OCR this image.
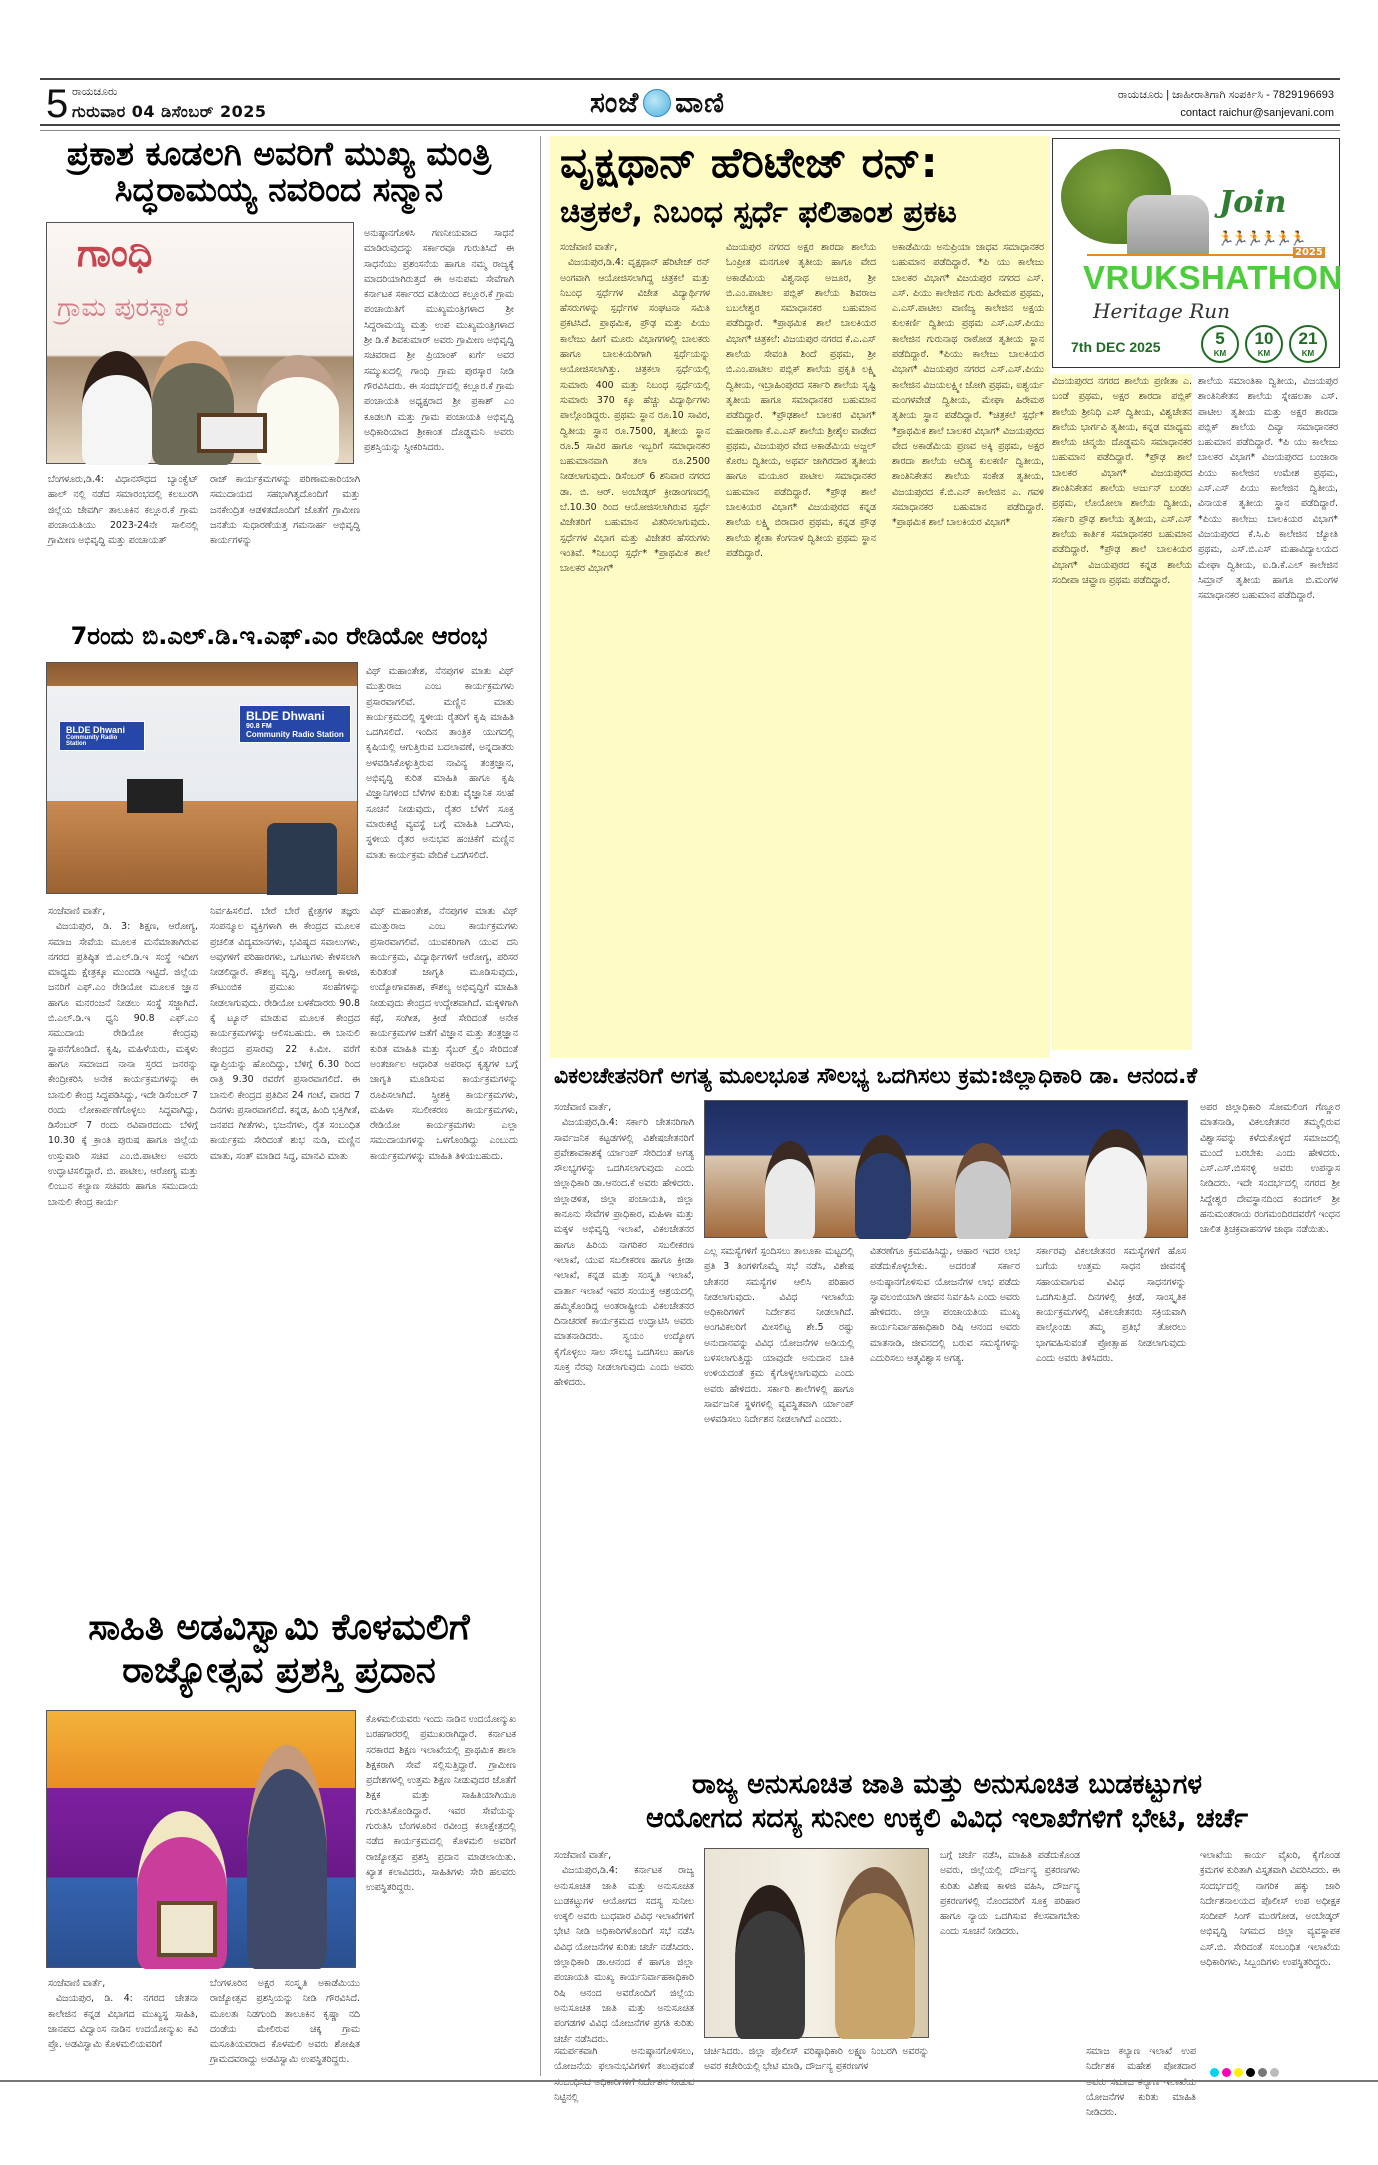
5 ರಾಯಚೂರು
ಗುರುವಾರ 04 ಡಿಸೆಂಬರ್ 2025	ಸಂಜೆ ವಾಣಿ	ರಾಯಚೂರು | ಜಾಹೀರಾತಿಗಾಗಿ ಸಂಪರ್ಕಿಸಿ - 7829196693
contact raichur@sanjevani.com
ಪ್ರಕಾಶ ಕೂಡಲಗಿ ಅವರಿಗೆ ಮುಖ್ಯ ಮಂತ್ರಿ
ಸಿದ್ಧರಾಮಯ್ಯ ನವರಿಂದ ಸನ್ಮಾನ
ಗಾಂಧಿ
ಗ್ರಾಮ ಪುರಸ್ಕಾರ
ಅನುಷ್ಠಾನಗೊಳಿಸಿ ಗಣನೀಯವಾದ ಸಾಧನೆ ಮಾಡಿರುವುದನ್ನು ಸರ್ಕಾರವೂ ಗುರುತಿಸಿದೆ ಈ ಸಾಧನೆಯು ಪ್ರಶಂಸನೆಯ ಹಾಗೂ ನಮ್ಮ ರಾಜ್ಯಕ್ಕೆ ಮಾದರಿಯಾಗಿರುತ್ತದೆ ಈ ಅನುಪಮ ಸೇವೆಗಾಗಿ ಕರ್ನಾಟಕ ಸರ್ಕಾರದ ವತಿಯಿಂದ ಕಲ್ಲೂರ.ಕೆ ಗ್ರಾಮ ಪಂಚಾಯಿತಿಗೆ ಮುಖ್ಯಮಂತ್ರಿಗಳಾದ ಶ್ರೀ ಸಿದ್ದರಾಮಯ್ಯ ಮತ್ತು ಉಪ ಮುಖ್ಯಮಂತ್ರಿಗಳಾದ ಶ್ರೀ ಡಿ.ಕೆ ಶಿವಕುಮಾರ್ ಅವರು ಗ್ರಾಮೀಣ ಅಭಿವೃದ್ಧಿ ಸಚಿವರಾದ ಶ್ರೀ ಪ್ರಿಯಾಂಕ್ ಖರ್ಗೆ ಅವರ ಸಮ್ಮುಖದಲ್ಲಿ ಗಾಂಧಿ ಗ್ರಾಮ ಪುರಸ್ಕಾರ ನೀಡಿ ಗೌರವಿಸಿದರು. ಈ ಸಂದರ್ಭದಲ್ಲಿ ಕಲ್ಲೂರ.ಕೆ ಗ್ರಾಮ ಪಂಚಾಯತಿ ಅಧ್ಯಕ್ಷರಾದ ಶ್ರೀ ಪ್ರಕಾಶ್ ಎಂ ಕೂಡಲಗಿ ಮತ್ತು ಗ್ರಾಮ ಪಂಚಾಯತಿ ಅಭಿವೃದ್ಧಿ ಅಧಿಕಾರಿಯಾದ ಶ್ರೀಕಾಂತ ದೊಡ್ಡಮನಿ ಅವರು ಪ್ರಶಸ್ತಿಯನ್ನು ಸ್ವೀಕರಿಸಿದರು.
ಬೆಂಗಳೂರು,ಡಿ.4: ವಿಧಾನಸೌಧದ ಬ್ಯಾಂಕ್ವೆಟ್ ಹಾಲ್ ನಲ್ಲಿ ನಡೆದ ಸಮಾರಂಭದಲ್ಲಿ ಕಲಬುರಗಿ ಜಿಲ್ಲೆಯ ಜೇವರ್ಗಿ ತಾಲೂಕಿನ ಕಲ್ಲೂರ.ಕೆ ಗ್ರಾಮ ಪಂಚಾಯತಿಯು 2023-24ನೇ ಸಾಲಿನಲ್ಲಿ ಗ್ರಾಮೀಣ ಅಭಿವೃದ್ಧಿ ಮತ್ತು ಪಂಚಾಯತ್
ರಾಜ್ ಕಾರ್ಯಕ್ರಮಗಳನ್ನು ಪರಿಣಾಮಕಾರಿಯಾಗಿ ಸಮುದಾಯದ ಸಹಭಾಗಿತ್ವದೊಂದಿಗೆ ಮತ್ತು ಜನಕೇಂದ್ರಿತ ಆಡಳಿತದೊಂದಿಗೆ ಜೊತೆಗೆ ಗ್ರಾಮೀಣ ಜನತೆಯ ಸುಧಾರಣೆಯತ್ತ ಗಮನಾರ್ಹ ಅಭಿವೃದ್ಧಿ ಕಾರ್ಯಗಳನ್ನು
ವೃಕ್ಷಥಾನ್ ಹೆರಿಟೇಜ್ ರನ್:
ಚಿತ್ರಕಲೆ, ನಿಬಂಧ ಸ್ಪರ್ಧೆ ಫಲಿತಾಂಶ ಪ್ರಕಟ
ಸಂಜೆವಾಣಿ ವಾರ್ತೆ,

ವಿಜಯಪುರ,ಡಿ.4: ವೃಕ್ಷಥಾನ್ ಹೆರಿಟೇಜ್ ರನ್ ಅಂಗವಾಗಿ ಆಯೋಜಿಸಲಾಗಿದ್ದ ಚಿತ್ರಕಲೆ ಮತ್ತು ನಿಬಂಧ ಸ್ಪರ್ಧೆಗಳ ವಿಜೇತ ವಿದ್ಯಾರ್ಥಿಗಳ ಹೆಸರುಗಳನ್ನು ಸ್ಪರ್ಧೆಗಳ ಸಂಘಟನಾ ಸಮಿತಿ ಪ್ರಕಟಿಸಿದೆ. ಪ್ರಾಥಮಿಕ, ಪ್ರೌಢ ಮತ್ತು ಪಿಯು ಕಾಲೇಜು ಹೀಗೆ ಮೂರು ವಿಭಾಗಗಳಲ್ಲಿ ಬಾಲಕರು ಹಾಗೂ ಬಾಲಕಿಯರಿಗಾಗಿ ಸ್ಪರ್ಧೆಯನ್ನು ಆಯೋಜಿಸಲಾಗಿತ್ತು. ಚಿತ್ರಕಲಾ ಸ್ಪರ್ಧೆಯಲ್ಲಿ ಸುಮಾರು 400 ಮತ್ತು ನಿಬಂಧ ಸ್ಪರ್ಧೆಯಲ್ಲಿ ಸುಮಾರು 370 ಕ್ಕೂ ಹೆಚ್ಚು ವಿದ್ಯಾರ್ಥಿಗಳು ಪಾಲ್ಗೊಂಡಿದ್ದರು. ಪ್ರಥಮ ಸ್ಥಾನ ರೂ.10 ಸಾವಿರ, ದ್ವಿತೀಯ ಸ್ಥಾನ ರೂ.7500, ತೃತೀಯ ಸ್ಥಾನ ರೂ.5 ಸಾವಿರ ಹಾಗೂ ಇಬ್ಬರಿಗೆ ಸಮಾಧಾನಕರ ಬಹುಮಾನವಾಗಿ ತಲಾ ರೂ.2500 ನೀಡಲಾಗುವುದು. ಡಿಸೆಂಬರ್ 6 ಶನಿವಾರ ನಗರದ ಡಾ. ಬಿ. ಆರ್. ಅಂಬೇಡ್ಕರ್ ಕ್ರೀಡಾಂಗಣದಲ್ಲಿ ಬೆ.10.30 ರಿಂದ ಆಯೋಜಿಸಲಾಗಿರುವ ಸ್ಪರ್ಧೆ ವಿಜೇತರಿಗೆ ಬಹುಮಾನ ವಿತರಿಸಲಾಗುವುದು. ಸ್ಪರ್ಧೆಗಳ ವಿಭಾಗ ಮತ್ತು ವಿಜೇತರ ಹೆಸರುಗಳು ಇಂತಿವೆ. *ನಿಬಂಧ ಸ್ಪರ್ಧೆ* *ಪ್ರಾಥಮಿಕ ಶಾಲೆ ಬಾಲಕರ ವಿಭಾಗ*

ವಿಜಯಪುರ ನಗರದ ಅಕ್ಷರ ಶಾರದಾ ಶಾಲೆಯ ಓಂಪ್ರೀತ ಮನಗೂಳಿ ತೃತೀಯ ಹಾಗೂ ವೇದ ಅಕಾಡೆಮಿಯ ವಿಶ್ವನಾಥ ಅಜೂರ, ಶ್ರೀ ಬಿ.ಎಂ.ಪಾಟೀಲ ಪಬ್ಲಿಕ್ ಶಾಲೆಯ ಶಿವರಾಜ ಬಬಲೇಶ್ವರ ಸಮಾಧಾನಕರ ಬಹುಮಾನ ಪಡೆದಿದ್ದಾರೆ. *ಪ್ರಾಥಮಿಕ ಶಾಲೆ ಬಾಲಕಿಯರ ವಿಭಾಗ* ಚಿತ್ರಕಲೆ: ವಿಜಯಪುರ ನಗರದ ಕೆ.ಎ.ಎಸ್ ಶಾಲೆಯ ಸೇವಂತಿ ಶಿಂದೆ ಪ್ರಥಮ, ಶ್ರೀ ಬಿ.ಎಂ.ಪಾಟೀಲ ಪಬ್ಲಿಕ್ ಶಾಲೆಯ ಪ್ರಕೃತಿ ಲಕ್ಷ್ಮಿ ದ್ವಿತೀಯ, ಇಬ್ರಾಹಿಂಪುರದ ಸರ್ಕಾರಿ ಶಾಲೆಯ ಸೃಷ್ಟಿ ತೃತೀಯ ಹಾಗೂ ಸಮಾಧಾನಕರ ಬಹುಮಾನ ಪಡೆದಿದ್ದಾರೆ. *ಪ್ರೌಢಶಾಲೆ ಬಾಲಕರ ವಿಭಾಗ* ಮಹಾರಾಣಾ ಕೆ.ಎ.ಎಸ್ ಶಾಲೆಯ ಶ್ರೀಶೈಲ ವಾಡೇದ ಪ್ರಥಮ, ವಿಜಯಪುರ ವೇದ ಅಕಾಡೆಮಿಯ ಅಜ್ಜಲ್ ಕೊರಬ ದ್ವಿತೀಯ, ಅಥರ್ವ ಜಾಗಿರದಾರ ತೃತೀಯ ಹಾಗೂ ಮಯೂರ ಪಾಟೀಲ ಸಮಾಧಾನಕರ ಬಹುಮಾನ ಪಡೆದಿದ್ದಾರೆ. *ಪ್ರೌಢ ಶಾಲೆ ಬಾಲಕಿಯರ ವಿಭಾಗ* ವಿಜಯಪುರದ ಕನ್ನಡ ಶಾಲೆಯ ಲಕ್ಷ್ಮಿ ಬಿರಾದಾರ ಪ್ರಥಮ, ಕನ್ನಡ ಪ್ರೌಢ ಶಾಲೆಯ ಶ್ವೇತಾ ಕೆಂಗನಾಳ ದ್ವಿತೀಯ ಪ್ರಥಮ ಸ್ಥಾನ ಪಡೆದಿದ್ದಾರೆ.
ಅಕಾಡೆಮಿಯ ಅನುಪ್ರಿಯಾ ಜಾಧವ ಸಮಾಧಾನಕರ ಬಹುಮಾನ ಪಡೆದಿದ್ದಾರೆ. *ಪಿ ಯು ಕಾಲೇಜು ಬಾಲಕರ ವಿಭಾಗ* ವಿಜಯಪುರ ನಗರದ ಎಸ್. ಎಸ್. ಪಿಯು ಕಾಲೇಜಿನ ಗುರು ಹಿರೇಮಠ ಪ್ರಥಮ, ಎ.ಎಸ್.ಪಾಟೀಲ ವಾಣಿಜ್ಯ ಕಾಲೇಜಿನ ಅಕ್ಷಯ ಕುಲಕರ್ಣಿ ದ್ವಿತೀಯ ಪ್ರಥಮ ಎಸ್.ಎಸ್.ಪಿಯು ಕಾಲೇಜಿನ ಗುರುನಾಥ ರಾಠೋಡ ತೃತೀಯ ಸ್ಥಾನ ಪಡೆದಿದ್ದಾರೆ. *ಪಿಯು ಕಾಲೇಜು ಬಾಲಕಿಯರ ವಿಭಾಗ* ವಿಜಯಪುರ ನಗರದ ಎಸ್.ಎಸ್.ಪಿಯು ಕಾಲೇಜಿನ ವಿಜಯಲಕ್ಷ್ಮೀ ಜೋಗಿ ಪ್ರಥಮ, ಐಶ್ವರ್ಯ ಮಂಗಳವೇಡೆ ದ್ವಿತೀಯ, ಮೇಘಾ ಹಿರೇಮಠ ತೃತೀಯ ಸ್ಥಾನ ಪಡೆದಿದ್ದಾರೆ. *ಚಿತ್ರಕಲೆ ಸ್ಪರ್ಧೆ* *ಪ್ರಾಥಮಿಕ ಶಾಲೆ ಬಾಲಕರ ವಿಭಾಗ* ವಿಜಯಪುರದ ವೇದ ಅಕಾಡೆಮಿಯ ಪ್ರಣವ ಅಕ್ಕಿ ಪ್ರಥಮ, ಅಕ್ಷರ ಶಾರದಾ ಶಾಲೆಯ ಆದಿತ್ಯ ಕುಲಕರ್ಣಿ ದ್ವಿತೀಯ, ಶಾಂತಿನಿಕೇತನ ಶಾಲೆಯ ಸಂಕೇತ ತೃತೀಯ, ವಿಜಯಪುರದ ಕೆ.ಬಿ.ಎನ್ ಕಾಲೇಜಿನ ಎ. ಗವಳಿ ಸಮಾಧಾನಕರ ಬಹುಮಾನ ಪಡೆದಿದ್ದಾರೆ. *ಪ್ರಾಥಮಿಕ ಶಾಲೆ ಬಾಲಕಿಯರ ವಿಭಾಗ*
ವಿಜಯಪುರದ ನಗರದ ಶಾಲೆಯ ಪ್ರಣೀತಾ ಎ. ಬಂಡೆ ಪ್ರಥಮ, ಅಕ್ಷರ ಶಾರದಾ ಪಬ್ಲಿಕ್ ಶಾಲೆಯ ಶ್ರೀನಿಧಿ ಎಸ್ ದ್ವಿತೀಯ, ವಿಶ್ವಚೇತನ ಶಾಲೆಯ ಭಾರ್ಗವಿ ತೃತೀಯ, ಕನ್ನಡ ಮಾಧ್ಯಮ ಶಾಲೆಯ ಚಿನ್ಮಯಿ ದೊಡ್ಡಮನಿ ಸಮಾಧಾನಕರ ಬಹುಮಾನ ಪಡೆದಿದ್ದಾರೆ. *ಪ್ರೌಢ ಶಾಲೆ ಬಾಲಕರ ವಿಭಾಗ* ವಿಜಯಪುರದ ಶಾಂತಿನಿಕೇತನ ಶಾಲೆಯ ಅರ್ಜುನ್ ಬಂಡಲ ಪ್ರಥಮ, ಲೊಯೋಲಾ ಶಾಲೆಯ ದ್ವಿತೀಯ, ಸರ್ಕಾರಿ ಪ್ರೌಢ ಶಾಲೆಯ ತೃತೀಯ, ಎಸ್.ಎಸ್ ಶಾಲೆಯ ಕಾರ್ತಿಕ ಸಮಾಧಾನಕರ ಬಹುಮಾನ ಪಡೆದಿದ್ದಾರೆ. *ಪ್ರೌಢ ಶಾಲೆ ಬಾಲಕಿಯರ ವಿಭಾಗ* ವಿಜಯಪುರದ ಕನ್ನಡ ಶಾಲೆಯ ಸಂದೀಪಾ ಚವ್ಹಾಣ ಪ್ರಥಮ ಪಡೆದಿದ್ದಾರೆ.
ಶಾಲೆಯ ಸಮಾಂತಿಕಾ ದ್ವಿತೀಯ, ವಿಜಯಪುರ ಶಾಂತಿನಿಕೇತನ ಶಾಲೆಯ ಸ್ನೇಹಲತಾ ಎಸ್. ಪಾಟೀಲ ತೃತೀಯ ಮತ್ತು ಅಕ್ಷರ ಶಾರದಾ ಪಬ್ಲಿಕ್ ಶಾಲೆಯ ದಿವ್ಯಾ ಸಮಾಧಾನಕರ ಬಹುಮಾನ ಪಡೆದಿದ್ದಾರೆ. *ಪಿ ಯು ಕಾಲೇಜು ಬಾಲಕರ ವಿಭಾಗ* ವಿಜಯಪುರದ ಬಂಜಾರಾ ಪಿಯು ಕಾಲೇಜಿನ ಉಮೇಶ ಪ್ರಥಮ, ಎಸ್.ಎಸ್ ಪಿಯು ಕಾಲೇಜಿನ ದ್ವಿತೀಯ, ವಿನಾಯಕ ತೃತೀಯ ಸ್ಥಾನ ಪಡೆದಿದ್ದಾರೆ. *ಪಿಯು ಕಾಲೇಜು ಬಾಲಕಿಯರ ವಿಭಾಗ* ವಿಜಯಪುರದ ಕೆ.ಸಿ.ಪಿ ಕಾಲೇಜಿನ ಜ್ಯೋತಿ ಪ್ರಥಮ, ಎಸ್.ಬಿ.ಎಸ್ ಮಹಾವಿದ್ಯಾಲಯದ ಮೇಘಾ ದ್ವಿತೀಯ, ಐ.ಡಿ.ಕೆ.ಎಲ್ ಕಾಲೇಜಿನ ಸಿಮ್ರಾನ್ ತೃತೀಯ ಹಾಗೂ ಬಿ.ಮಂಗಳ ಸಮಾಧಾನಕರ ಬಹುಮಾನ ಪಡೆದಿದ್ದಾರೆ.
Join
🏃🏃🏃🏃🏃🏃
2025
VRUKSHATHON
Heritage Run
7th DEC 2025	5
KM
10
KM
21
KM
7ರಂದು ಬಿ.ಎಲ್.ಡಿ.ಇ.ಎಫ್.ಎಂ ರೇಡಿಯೋ ಆರಂಭ
BLDE Dhwani
Community Radio Station
BLDE Dhwani
90.8 FM
Community Radio Station
ವಿಥ್ ಮಹಾಂತೇಶ, ನೆನಪುಗಳ ಮಾತು ವಿಥ್ ಮುತ್ತುರಾಜ ಎಂಬ ಕಾರ್ಯಕ್ರಮಗಳು ಪ್ರಸಾರವಾಗಲಿವೆ. ಮಣ್ಣಿನ ಮಾತು ಕಾರ್ಯಕ್ರಮದಲ್ಲಿ ಸ್ಥಳೀಯ ರೈತರಿಗೆ ಕೃಷಿ ಮಾಹಿತಿ ಒದಗಿಸಲಿದೆ. ಇಂದಿನ ತಾಂತ್ರಿಕ ಯುಗದಲ್ಲಿ ಕೃಷಿಯಲ್ಲಿ ಆಗುತ್ತಿರುವ ಬದಲಾವಣೆ, ಅನ್ನದಾತರು ಅಳವಡಿಸಿಕೊಳ್ಳುತ್ತಿರುವ ನಾವಿನ್ಯ ತಂತ್ರಜ್ಞಾನ, ಅಭಿವೃದ್ಧಿ ಕುರಿತ ಮಾಹಿತಿ ಹಾಗೂ ಕೃಷಿ ವಿಜ್ಞಾನಿಗಳಿಂದ ಬೆಳೆಗಳ ಕುರಿತು ವೈಜ್ಞಾನಿಕ ಸಲಹೆ ಸೂಚನೆ ನೀಡುವುದು, ರೈತರ ಬೆಳೆಗೆ ಸೂಕ್ತ ಮಾರುಕಟ್ಟೆ ವ್ಯವಸ್ಥೆ ಬಗ್ಗೆ ಮಾಹಿತಿ ಒದಗಿಸು, ಸ್ಥಳೀಯ ರೈತರ ಅನುಭವ ಹಂಚಿಕೆಗೆ ಮಣ್ಣಿನ ಮಾತು ಕಾರ್ಯಕ್ರಮ ವೇದಿಕೆ ಒದಗಿಸಲಿದೆ.
ಸಂಜೆವಾಣಿ ವಾರ್ತೆ,

ವಿಜಯಪುರ, ಡಿ. 3: ಶಿಕ್ಷಣ, ಆರೋಗ್ಯ, ಸಮಾಜ ಸೇವೆಯ ಮೂಲಕ ಮನೆಮಾತಾಗಿರುವ ನಗರದ ಪ್ರತಿಷ್ಠಿತ ಬಿ.ಎಲ್.ಡಿ.ಇ ಸಂಸ್ಥೆ ಇದೀಗ ಮಾಧ್ಯಮ ಕ್ಷೇತ್ರಕ್ಕೂ ಮುಂದಡಿ ಇಟ್ಟಿದೆ. ಜಿಲ್ಲೆಯ ಜನರಿಗೆ ಎಫ್.ಎಂ ರೇಡಿಯೋ ಮೂಲಕ ಜ್ಞಾನ ಹಾಗೂ ಮನರಂಜನೆ ನೀಡಲು ಸಂಸ್ಥೆ ಸಜ್ಜಾಗಿದೆ. ಬಿ.ಎಲ್.ಡಿ.ಇ ಧ್ವನಿ 90.8 ಎಫ್.ಎಂ ಸಮುದಾಯ ರೇಡಿಯೋ ಕೇಂದ್ರವು ಸ್ಥಾಪನೆಗೊಂಡಿದೆ. ಕೃಷಿ, ಮಹಿಳೆಯರು, ಮಕ್ಕಳು ಹಾಗೂ ಸಮಾಜದ ನಾನಾ ಸ್ತರದ ಜನರನ್ನು ಕೇಂದ್ರೀಕರಿಸಿ ಅನೇಕ ಕಾರ್ಯಕ್ರಮಗಳನ್ನು ಈ ಬಾನುಲಿ ಕೇಂದ್ರ ಸಿದ್ಧಪಡಿಸಿದ್ದು, ಇದೇ ಡಿಸೆಂಬರ್ 7 ರಂದು ಲೋಕಾರ್ಪಣೆಗೊಳ್ಳಲು ಸಿದ್ಧವಾಗಿದ್ದು, ಡಿಸೆಂಬರ್ 7 ರಂದು ರವಿವಾರದಂದು ಬೆಳಿಗ್ಗೆ 10.30 ಕ್ಕೆ ಕ್ರಾಂತಿ ಪುರುಷ ಹಾಗೂ ಜಿಲ್ಲೆಯ ಉಸ್ತುವಾರಿ ಸಚಿವ ಎಂ.ಬಿ.ಪಾಟೀಲ ಅವರು ಉದ್ಘಾಟಿಸಲಿದ್ದಾರೆ. ಬಿ. ಪಾಟೀಲ, ಆರೋಗ್ಯ ಮತ್ತು ಲಿಂಬುನ ಕಲ್ಯಾಣ ಸಚಿವರು ಹಾಗೂ ಸಮುದಾಯ ಬಾನುಲಿ ಕೇಂದ್ರ ಕಾರ್ಯ

ನಿರ್ವಹಿಸಲಿದೆ. ಬೇರೆ ಬೇರೆ ಕ್ಷೇತ್ರಗಳ ತಜ್ಞರು ಸಂಪನ್ಮೂಲ ವ್ಯಕ್ತಿಗಳಾಗಿ ಈ ಕೇಂದ್ರದ ಮೂಲಕ ಪ್ರಚಲಿತ ವಿದ್ಯಮಾನಗಳು, ಭವಿಷ್ಯದ ಸವಾಲುಗಳು, ಅವುಗಳಿಗೆ ಪರಿಹಾರಗಳು, ಒಗಟುಗಳು ಕೇಳಸಲಾಗಿ ನೀಡಲಿದ್ದಾರೆ. ಕೌಶಲ್ಯ ವೃದ್ಧಿ, ಆರೋಗ್ಯ ಕಾಳಜಿ, ಕೌಟುಂಬಿಕ ಪ್ರಮುಖ ಸಲಹೆಗಳನ್ನು ನೀಡಲಾಗುವುದು. ರೇಡಿಯೋ ಬಳಕೆದಾರರು 90.8 ಕ್ಕೆ ಟ್ಯೂನ್ ಮಾಡುವ ಮೂಲಕ ಕೇಂದ್ರದ ಕಾರ್ಯಕ್ರಮಗಳನ್ನು ಆಲಿಸಬಹುದು. ಈ ಬಾನುಲಿ ಕೇಂದ್ರದ ಪ್ರಸಾರವು 22 ಕಿ.ಮೀ. ವರೆಗೆ ವ್ಯಾಪ್ತಿಯನ್ನು ಹೊಂದಿದ್ದು, ಬೆಳಿಗ್ಗೆ 6.30 ರಿಂದ ರಾತ್ರಿ 9.30 ರವರೆಗೆ ಪ್ರಸಾರವಾಗಲಿದೆ. ಈ ಬಾನುಲಿ ಕೇಂದ್ರದ ಪ್ರತಿದಿನ 24 ಗಂಟೆ, ವಾರದ 7 ದಿನಗಳು ಪ್ರಸಾರವಾಗಲಿದೆ. ಕನ್ನಡ, ಹಿಂದಿ ಭಕ್ತಿಗೀತೆ, ಜನಪದ ಗೀತೆಗಳು, ಭಜನೆಗಳು, ರೈತ ಸಂಬಂಧಿತ ಕಾರ್ಯಕ್ರಮ ಸೇರಿದಂತೆ ಶುಭ ನುಡಿ, ಮಣ್ಣಿನ ಮಾತು, ಸಂತ್ ಮಾಡಿದ ಸಿದ್ಧ, ಮಾನವಿ ಮಾತು
ವಿಥ್ ಮಹಾಂತೇಶ, ನೆನಪುಗಳ ಮಾತು ವಿಥ್ ಮುತ್ತುರಾಜ ಎಂಬ ಕಾರ್ಯಕ್ರಮಗಳು ಪ್ರಸಾರವಾಗಲಿವೆ. ಯುವಕರಿಗಾಗಿ ಯುವ ದನಿ ಕಾರ್ಯಕ್ರಮ, ವಿದ್ಯಾರ್ಥಿಗಳಿಗೆ ಆರೋಗ್ಯ, ಪರಿಸರ ಕುರಿತಂತೆ ಜಾಗೃತಿ ಮೂಡಿಸುವುದು, ಉದ್ಯೋಗಾವಕಾಶ, ಕೌಶಲ್ಯ ಅಭಿವೃದ್ಧಿಗೆ ಮಾಹಿತಿ ನೀಡುವುದು ಕೇಂದ್ರದ ಉದ್ದೇಶವಾಗಿದೆ. ಮಕ್ಕಳಿಗಾಗಿ ಕಥೆ, ಸಂಗೀತ, ಕ್ರೀಡೆ ಸೇರಿದಂತೆ ಅನೇಕ ಕಾರ್ಯಕ್ರಮಗಳ ಜತೆಗೆ ವಿಜ್ಞಾನ ಮತ್ತು ತಂತ್ರಜ್ಞಾನ ಕುರಿತ ಮಾಹಿತಿ ಮತ್ತು ಸೈಬರ್ ಕ್ರೈಂ ಸೇರಿದಂತೆ ಅಂತರ್ಜಾಲ ಆಧಾರಿತ ಅಪರಾಧ ಕೃತ್ಯಗಳ ಬಗ್ಗೆ ಜಾಗೃತಿ ಮೂಡಿಸುವ ಕಾರ್ಯಕ್ರಮಗಳನ್ನು ರೂಪಿಸಲಾಗಿದೆ. ಸ್ತ್ರೀಶಕ್ತಿ ಕಾರ್ಯಕ್ರಮಗಳು, ಮಹಿಳಾ ಸಬಲೀಕರಣ ಕಾರ್ಯಕ್ರಮಗಳು, ರೇಡಿಯೋ ಕಾರ್ಯಕ್ರಮಗಳು ಎಲ್ಲಾ ಸಮುದಾಯಗಳನ್ನು ಒಳಗೊಂಡಿದ್ದು ಎಂಬುದು ಕಾರ್ಯಕ್ರಮಗಳನ್ನು ಮಾಹಿತಿ ತಿಳಿಯಬಹುದು.
ಸಾಹಿತಿ ಅಡವಿಸ್ವಾಮಿ ಕೊಳಮಲಿಗೆ
ರಾಜ್ಯೋತ್ಸವ ಪ್ರಶಸ್ತಿ ಪ್ರದಾನ
ಕೊಳಮಲಿಯವರು ಇಂದು ನಾಡಿನ ಉದಯೋನ್ಮುಖ ಬರಹಗಾರರಲ್ಲಿ ಪ್ರಮುಖರಾಗಿದ್ದಾರೆ. ಕರ್ನಾಟಕ ಸರಕಾರದ ಶಿಕ್ಷಣ ಇಲಾಖೆಯಲ್ಲಿ ಪ್ರಾಥಮಿಕ ಶಾಲಾ ಶಿಕ್ಷಕರಾಗಿ ಸೇವೆ ಸಲ್ಲಿಸುತ್ತಿದ್ದಾರೆ. ಗ್ರಾಮೀಣ ಪ್ರದೇಶಗಳಲ್ಲಿ ಉತ್ತಮ ಶಿಕ್ಷಣ ನೀಡುವುದರ ಜೊತೆಗೆ ಶಿಕ್ಷಕ ಮತ್ತು ಸಾಹಿತಿಯಾಗಿಯೂ ಗುರುತಿಸಿಕೊಂಡಿದ್ದಾರೆ. ಇವರ ಸೇವೆಯನ್ನು ಗುರುತಿಸಿ ಬೆಂಗಳೂರಿನ ರವೀಂದ್ರ ಕಲಾಕ್ಷೇತ್ರದಲ್ಲಿ ನಡೆದ ಕಾರ್ಯಕ್ರಮದಲ್ಲಿ ಕೊಳಮಲಿ ಅವರಿಗೆ ರಾಜ್ಯೋತ್ಸವ ಪ್ರಶಸ್ತಿ ಪ್ರದಾನ ಮಾಡಲಾಯಿತು. ಖ್ಯಾತ ಕಲಾವಿದರು, ಸಾಹಿತಿಗಳು ಸೇರಿ ಹಲವರು ಉಪಸ್ಥಿತರಿದ್ದರು.
ಸಂಜೆವಾಣಿ ವಾರ್ತೆ,

ವಿಜಯಪುರ, ಡಿ. 4: ನಗರದ ಚೇತನಾ ಕಾಲೇಜಿನ ಕನ್ನಡ ವಿಭಾಗದ ಮುಖ್ಯಸ್ಥ ಸಾಹಿತಿ, ಜಾನಪದ ವಿದ್ವಾಂಸ ನಾಡಿನ ಉದಯೋನ್ಮುಖ ಕವಿ ಪ್ರೊ. ಅಡವಿಸ್ವಾಮಿ ಕೊಳಮಲಿಯವರಿಗೆ

ಬೆಂಗಳೂರಿನ ಅಕ್ಷರ ಸಂಸ್ಕೃತಿ ಅಕಾಡೆಮಿಯು ರಾಜ್ಯೋತ್ಸವ ಪ್ರಶಸ್ತಿಯನ್ನು ನೀಡಿ ಗೌರವಿಸಿದೆ. ಮೂಲತಃ ನಿಡಗುಂದಿ ತಾಲೂಕಿನ ಕೃಷ್ಣಾ ನದಿ ದಂಡೆಯ ಮೇಲಿರುವ ಚಿಕ್ಕ ಗ್ರಾಮ ಮಸೂತಿಯವರಾದ ಕೊಳಮಲಿ ಅವರು ಶೋಷಿತ ಗ್ರಾಮದವರಾದ್ದು ಅಡವಿಸ್ವಾಮಿ ಉಪಸ್ಥಿತರಿದ್ದರು.
ವಿಕಲಚೇತನರಿಗೆ ಅಗತ್ಯ ಮೂಲಭೂತ ಸೌಲಭ್ಯ ಒದಗಿಸಲು ಕ್ರಮ:ಜಿಲ್ಲಾಧಿಕಾರಿ ಡಾ. ಆನಂದ.ಕೆ
ಸಂಜೆವಾಣಿ ವಾರ್ತೆ,

ವಿಜಯಪುರ,ಡಿ.4: ಸರ್ಕಾರಿ ಚೇತನರಿಗಾಗಿ ಸಾರ್ವಜನಿಕ ಕಟ್ಟಡಗಳಲ್ಲಿ ವಿಶೇಷಚೇತನರಿಗೆ ಪ್ರವೇಶಾವಕಾಶಕ್ಕೆ ರ್ಯಾಂಪ್ ಸೇರಿದಂತೆ ಅಗತ್ಯ ಸೌಲಭ್ಯಗಳನ್ನು ಒದಗಿಸಲಾಗುವುದು ಎಂದು ಜಿಲ್ಲಾಧಿಕಾರಿ ಡಾ.ಆನಂದ.ಕೆ ಅವರು ಹೇಳಿದರು. ಜಿಲ್ಲಾಡಳಿತ, ಜಿಲ್ಲಾ ಪಂಚಾಯತಿ, ಜಿಲ್ಲಾ ಕಾನೂನು ಸೇವೆಗಳ ಪ್ರಾಧಿಕಾರ, ಮಹಿಳಾ ಮತ್ತು ಮಕ್ಕಳ ಅಭಿವೃದ್ಧಿ ಇಲಾಖೆ, ವಿಕಲಚೇತನರ ಹಾಗೂ ಹಿರಿಯ ನಾಗರಿಕರ ಸಬಲೀಕರಣ ಇಲಾಖೆ, ಯುವ ಸಬಲೀಕರಣ ಹಾಗೂ ಕ್ರೀಡಾ ಇಲಾಖೆ, ಕನ್ನಡ ಮತ್ತು ಸಂಸ್ಕೃತಿ ಇಲಾಖೆ, ವಾರ್ತಾ ಇಲಾಖೆ ಇವರ ಸಂಯುಕ್ತ ಆಶ್ರಯದಲ್ಲಿ ಹಮ್ಮಿಕೊಂಡಿದ್ದ ಅಂತರಾಷ್ಟ್ರೀಯ ವಿಕಲಚೇತನರ ದಿನಾಚರಣೆ ಕಾರ್ಯಕ್ರಮದ ಉದ್ಘಾಟಿಸಿ ಅವರು ಮಾತನಾಡಿದರು. ಸ್ವಯಂ ಉದ್ಯೋಗ ಕೈಗೊಳ್ಳಲು ಸಾಲ ಸೌಲಭ್ಯ ಒದಗಿಸಲು ಹಾಗೂ ಸೂಕ್ತ ನೆರವು ನೀಡಲಾಗುವುದು ಎಂದು ಅವರು ಹೇಳಿದರು.

ಅಪರ ಜಿಲ್ಲಾಧಿಕಾರಿ ಸೋಮಲಿಂಗ ಗೆಣ್ಣೂರ ಮಾತನಾಡಿ, ವಿಕಲಚೇತನರ ತಮ್ಮಲ್ಲಿರುವ ವಿಶ್ವಾಸವನ್ನು ಕಳೆದುಕೊಳ್ಳದೆ ಸಮಾಜದಲ್ಲಿ ಮುಂದೆ ಬರಬೇಕು ಎಂದು ಹೇಳಿದರು. ಎಸ್.ಎಸ್.ಬಿಸನಳ್ಳಿ ಅವರು ಉಪನ್ಯಾಸ ನೀಡಿದರು. ಇದೇ ಸಂದರ್ಭದಲ್ಲಿ ನಗರದ ಶ್ರೀ ಸಿದ್ದೇಶ್ವರ ದೇವಸ್ಥಾನದಿಂದ ಕಂದಗಲ್ ಶ್ರೀ ಹನುಮಂತರಾಯ ರಂಗಮಂದಿರದವರೆಗೆ ಇಂಧನ ಚಾಲಿತ ತ್ರಿಚಕ್ರವಾಹನಗಳ ಜಾಥಾ ನಡೆಯಿತು.
ಎಲ್ಲ ಸಮಸ್ಯೆಗಳಿಗೆ ಸ್ಪಂದಿಸಲು ತಾಲೂಕಾ ಮಟ್ಟದಲ್ಲಿ ಪ್ರತಿ 3 ತಿಂಗಳಿಗೊಮ್ಮೆ ಸಭೆ ನಡೆಸಿ, ವಿಶೇಷ ಚೇತನರ ಸಮಸ್ಯೆಗಳ ಆಲಿಸಿ ಪರಿಹಾರ ನೀಡಲಾಗುವುದು. ವಿವಿಧ ಇಲಾಖೆಯ ಅಧಿಕಾರಿಗಳಿಗೆ ನಿರ್ದೇಶನ ನೀಡಲಾಗಿದೆ. ಅಂಗವಿಕಲರಿಗೆ ಮೀಸಲಿಟ್ಟ ಶೇ.5 ರಷ್ಟು ಅನುದಾನವನ್ನು ವಿವಿಧ ಯೋಜನೆಗಳ ಅಡಿಯಲ್ಲಿ ಬಳಸಲಾಗುತ್ತಿದ್ದು ಯಾವುದೇ ಅನುದಾನ ಬಾಕಿ ಉಳಿಯದಂತೆ ಕ್ರಮ ಕೈಗೊಳ್ಳಲಾಗುವುದು ಎಂದು ಅವರು ಹೇಳಿದರು. ಸರ್ಕಾರಿ ಶಾಲೆಗಳಲ್ಲಿ ಹಾಗೂ ಸಾರ್ವಜನಿಕ ಸ್ಥಳಗಳಲ್ಲಿ ವ್ಯವಸ್ಥಿತವಾಗಿ ರ್ಯಾಂಪ್ ಅಳವಡಿಸಲು ನಿರ್ದೇಶನ ನೀಡಲಾಗಿದೆ ಎಂದರು.
ವಿತರಣೆಗೂ ಕ್ರಮವಹಿಸಿದ್ದು, ಆಹಾರ ಇದರ ಲಾಭ ಪಡೆದುಕೊಳ್ಳಬೇಕು. ಅದರಂತೆ ಸರ್ಕಾರ ಅನುಷ್ಠಾನಗೊಳಿಸುವ ಯೋಜನೆಗಳ ಲಾಭ ಪಡೆದು ಸ್ವಾವಲಂಬಿಯಾಗಿ ಜೀವನ ನಿರ್ವಹಿಸಿ ಎಂದು ಅವರು ಹೇಳಿದರು. ಜಿಲ್ಲಾ ಪಂಚಾಯತಿಯ ಮುಖ್ಯ ಕಾರ್ಯನಿರ್ವಾಹಕಾಧಿಕಾರಿ ರಿಷಿ ಆನಂದ ಅವರು ಮಾತನಾಡಿ, ಜೀವನದಲ್ಲಿ ಬರುವ ಸಮಸ್ಯೆಗಳನ್ನು ಎದುರಿಸಲು ಆತ್ಮವಿಶ್ವಾಸ ಅಗತ್ಯ.
ಸರ್ಕಾರವು ವಿಕಲಚೇತನರ ಸಮಸ್ಯೆಗಳಿಗೆ ಹೊಸ ಬಗೆಯ ಉತ್ತಮ ಸಾಧನ ಜೀವನಕ್ಕೆ ಸಹಾಯವಾಗುವ ವಿವಿಧ ಸಾಧನಗಳನ್ನು ಒದಗಿಸುತ್ತಿದೆ. ದಿನಗಳಲ್ಲಿ ಕ್ರೀಡೆ, ಸಾಂಸ್ಕೃತಿಕ ಕಾರ್ಯಕ್ರಮಗಳಲ್ಲಿ ವಿಕಲಚೇತನರು ಸಕ್ರಿಯವಾಗಿ ಪಾಲ್ಗೊಂಡು ತಮ್ಮ ಪ್ರತಿಭೆ ತೋರಲು ಭಾಗವಹಿಸುವಂತೆ ಪ್ರೋತ್ಸಾಹ ನೀಡಲಾಗುವುದು ಎಂದು ಅವರು ತಿಳಿಸಿದರು.
ರಾಜ್ಯ ಅನುಸೂಚಿತ ಜಾತಿ ಮತ್ತು ಅನುಸೂಚಿತ ಬುಡಕಟ್ಟುಗಳ
ಆಯೋಗದ ಸದಸ್ಯ ಸುನೀಲ ಉಕ್ಕಲಿ ವಿವಿಧ ಇಲಾಖೆಗಳಿಗೆ ಭೇಟಿ, ಚರ್ಚೆ
ಸಂಜೆವಾಣಿ ವಾರ್ತೆ,

ವಿಜಯಪುರ,ಡಿ.4: ಕರ್ನಾಟಕ ರಾಜ್ಯ ಅನುಸೂಚಿತ ಜಾತಿ ಮತ್ತು ಅನುಸೂಚಿತ ಬುಡಕಟ್ಟುಗಳ ಆಯೋಗದ ಸದಸ್ಯ ಸುನೀಲ ಉಕ್ಕಲಿ ಅವರು ಬುಧವಾರ ವಿವಿಧ ಇಲಾಖೆಗಳಿಗೆ ಭೇಟಿ ನೀಡಿ ಅಧಿಕಾರಿಗಳೊಂದಿಗೆ ಸಭೆ ನಡೆಸಿ ವಿವಿಧ ಯೋಜನೆಗಳ ಕುರಿತು ಚರ್ಚೆ ನಡೆಸಿದರು. ಜಿಲ್ಲಾಧಿಕಾರಿ ಡಾ.ಆನಂದ ಕೆ ಹಾಗೂ ಜಿಲ್ಲಾ ಪಂಚಾಯತಿ ಮುಖ್ಯ ಕಾರ್ಯನಿರ್ವಾಹಕಾಧಿಕಾರಿ ರಿಷಿ ಆನಂದ ಅವರೊಂದಿಗೆ ಜಿಲ್ಲೆಯ ಅನುಸೂಚಿತ ಜಾತಿ ಮತ್ತು ಅನುಸೂಚಿತ ಪಂಗಡಗಳ ವಿವಿಧ ಯೋಜನೆಗಳ ಪ್ರಗತಿ ಕುರಿತು ಚರ್ಚೆ ನಡೆಸಿದರು.

ಬಗ್ಗೆ ಚರ್ಚೆ ನಡೆಸಿ, ಮಾಹಿತಿ ಪಡೆದುಕೊಂಡ ಅವರು, ಜಿಲ್ಲೆಯಲ್ಲಿ ದೌರ್ಜನ್ಯ ಪ್ರಕರಣಗಳು ಕುರಿತು ವಿಶೇಷ ಕಾಳಜಿ ವಹಿಸಿ, ದೌರ್ಜನ್ಯ ಪ್ರಕರಣಗಳಲ್ಲಿ ನೊಂದವರಿಗೆ ಸೂಕ್ತ ಪರಿಹಾರ ಹಾಗೂ ನ್ಯಾಯ ಒದಗಿಸುವ ಕೆಲಸವಾಗಬೇಕು ಎಂದು ಸೂಚನೆ ನೀಡಿದರು.
ಇಲಾಖೆಯ ಕಾರ್ಯ ವೈಖರಿ, ಕೈಗೊಂಡ ಕ್ರಮಗಳ ಕುರಿತಾಗಿ ವಿಸ್ತೃತವಾಗಿ ವಿವರಿಸಿದರು. ಈ ಸಂದರ್ಭದಲ್ಲಿ ನಾಗರಿಕ ಹಕ್ಕು ಜಾರಿ ನಿರ್ದೇಶನಾಲಯದ ಪೊಲೀಸ್ ಉಪ ಅಧೀಕ್ಷಕ ಸಂದೀಪ್ ಸಿಂಗ್ ಮುರಗೋಡ, ಅಂಬೇಡ್ಕರ್ ಅಭಿವೃದ್ಧಿ ನಿಗಮದ ಜಿಲ್ಲಾ ವ್ಯವಸ್ಥಾಪಕ ಎಸ್.ಬಿ. ಸೇರಿದಂತೆ ಸಂಬಂಧಿತ ಇಲಾಖೆಯ ಅಧಿಕಾರಿಗಳು, ಸಿಬ್ಬಂದಿಗಳು ಉಪಸ್ಥಿತರಿದ್ದರು.
ಸಮರ್ಪಕವಾಗಿ ಅನುಷ್ಠಾನಗೊಳಿಸಲು, ಯೋಜನೆಯ ಫಲಾನುಭವಿಗಳಿಗೆ ತಲುಪುವಂತೆ ಸಂಬಂಧಿಸಿದ ಅಧಿಕಾರಿಗಳಿಗೆ ನಿರ್ದೇಶನ ನೀಡುವ ನಿಟ್ಟಿನಲ್ಲಿ
ಚರ್ಚಿಸಿದರು. ಜಿಲ್ಲಾ ಪೊಲೀಸ್ ವರಿಷ್ಠಾಧಿಕಾರಿ ಲಕ್ಷ್ಮಣ ನಿಂಬರಗಿ ಅವರನ್ನು ಅವರ ಕಚೇರಿಯಲ್ಲಿ ಭೇಟಿ ಮಾಡಿ, ದೌರ್ಜನ್ಯ ಪ್ರಕರಣಗಳ
ಸಮಾಜ ಕಲ್ಯಾಣ ಇಲಾಖೆ ಉಪ ನಿರ್ದೇಶಕ ಮಹೇಶ ಪೋತದಾರ ಅವರು ಸಮಾಜ ಕಲ್ಯಾಣ ಇಲಾಖೆಯ ಯೋಜನೆಗಳ ಕುರಿತು ಮಾಹಿತಿ ನೀಡಿದರು.
